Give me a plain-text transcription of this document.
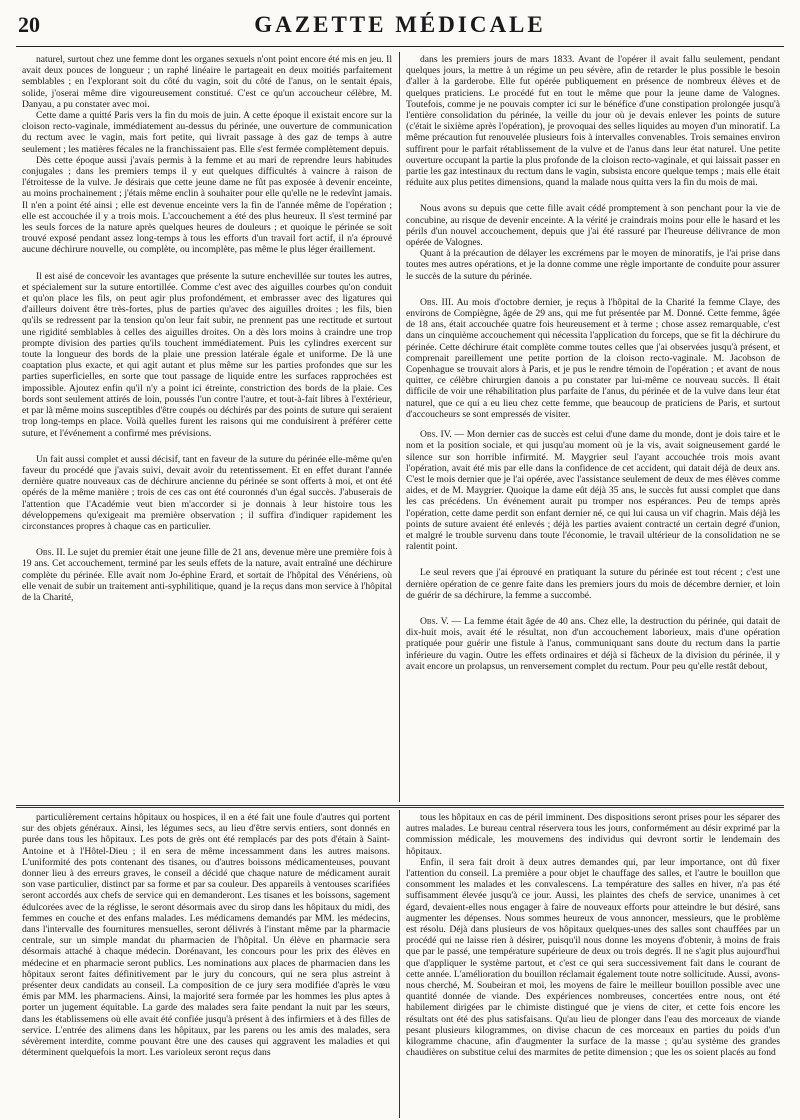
20	GAZETTE MÉDICALE

naturel, surtout chez une femme dont les organes sexuels n'ont point encore été mis en jeu. Il avait deux pouces de longueur ; un raphé linéaire le partageait en deux moitiés parfaitement semblables ; en l'explorant soit du côté du vagin, soit du côté de l'anus, on le sentait épais, solide, j'oserai même dire vigoureusement constitué. C'est ce qu'un accoucheur célèbre, M. Danyau, a pu constater avec moi.

Cette dame a quitté Paris vers la fin du mois de juin. A cette époque il existait encore sur la cloison recto-vaginale, immédiatement au-dessus du périnée, une ouverture de communication du rectum avec le vagin, mais fort petite, qui livrait passage à des gaz de temps à autre seulement ; les matières fécales ne la franchissaient pas. Elle s'est fermée complètement depuis.

Dès cette époque aussi j'avais permis à la femme et au mari de reprendre leurs habitudes conjugales ; dans les premiers temps il y eut quelques difficultés à vaincre à raison de l'étroitesse de la vulve. Je désirais que cette jeune dame ne fût pas exposée à devenir enceinte, au moins prochainement ; j'étais même enclin à souhaiter pour elle qu'elle ne le redevînt jamais. Il n'en a point été ainsi ; elle est devenue enceinte vers la fin de l'année même de l'opération ; elle est accouchée il y a trois mois. L'accouchement a été des plus heureux. Il s'est terminé par les seuls forces de la nature après quelques heures de douleurs ; et quoique le périnée se soit trouvé exposé pendant assez long-temps à tous les efforts d'un travail fort actif, il n'a éprouvé aucune déchirure nouvelle, ou complète, ou incomplète, pas même le plus léger éraillement.

Il est aisé de concevoir les avantages que présente la suture enchevillée sur toutes les autres, et spécialement sur la suture entortillée. Comme c'est avec des aiguilles courbes qu'on conduit et qu'on place les fils, on peut agir plus profondément, et embrasser avec des ligatures qui d'ailleurs doivent être très-fortes, plus de parties qu'avec des aiguilles droites ; les fils, bien qu'ils se redressent par la tension qu'on leur fait subir, ne prennent pas une rectitude et surtout une rigidité semblables à celles des aiguilles droites. On a dès lors moins à craindre une trop prompte division des parties qu'ils touchent immédiatement. Puis les cylindres exercent sur toute la longueur des bords de la plaie une pression latérale égale et uniforme. De là une coaptation plus exacte, et qui agit autant et plus même sur les parties profondes que sur les parties superficielles, en sorte que tout passage de liquide entre les surfaces rapprochées est impossible. Ajoutez enfin qu'il n'y a point ici étreinte, constriction des bords de la plaie. Ces bords sont seulement attirés de loin, poussés l'un contre l'autre, et tout-à-fait libres à l'extérieur, et par là même moins susceptibles d'être coupés ou déchirés par des points de suture qui seraient trop long-temps en place. Voilà quelles furent les raisons qui me conduisirent à préférer cette suture, et l'événement a confirmé mes prévisions.

Un fait aussi complet et aussi décisif, tant en faveur de la suture du périnée elle-même qu'en faveur du procédé que j'avais suivi, devait avoir du retentissement. Et en effet durant l'année dernière quatre nouveaux cas de déchirure ancienne du périnée se sont offerts à moi, et ont été opérés de la même manière ; trois de ces cas ont été couronnés d'un égal succès. J'abuserais de l'attention que l'Académie veut bien m'accorder si je donnais à leur histoire tous les développemens qu'exigeait ma première observation ; il suffira d'indiquer rapidement les circonstances propres à chaque cas en particulier.

Obs. II. Le sujet du premier était une jeune fille de 21 ans, devenue mère une première fois à 19 ans. Cet accouchement, terminé par les seuls effets de la nature, avait entraîné une déchirure complète du périnée. Elle avait nom Jo-éphine Erard, et sortait de l'hôpital des Vénériens, où elle venait de subir un traitement anti-syphilitique, quand je la reçus dans mon service à l'hôpital de la Charité,

dans les premiers jours de mars 1833. Avant de l'opérer il avait fallu seulement, pendant quelques jours, la mettre à un régime un peu sévère, afin de retarder le plus possible le besoin d'aller à la garderobe. Elle fut opérée publiquement en présence de nombreux élèves et de quelques praticiens. Le procédé fut en tout le même que pour la jeune dame de Valognes. Toutefois, comme je ne pouvais compter ici sur le bénéfice d'une constipation prolongée jusqu'à l'entière consolidation du périnée, la veille du jour où je devais enlever les points de suture (c'était le sixième après l'opération), je provoquai des selles liquides au moyen d'un minoratif. La même précaution fut renouvelée plusieurs fois à intervalles convenables. Trois semaines environ suffirent pour le parfait rétablissement de la vulve et de l'anus dans leur état naturel. Une petite ouverture occupant la partie la plus profonde de la cloison recto-vaginale, et qui laissait passer en partie les gaz intestinaux du rectum dans le vagin, subsista encore quelque temps ; mais elle était réduite aux plus petites dimensions, quand la malade nous quitta vers la fin du mois de mai.

Nous avons su depuis que cette fille avait cédé promptement à son penchant pour la vie de concubine, au risque de devenir enceinte. A la vérité je craindrais moins pour elle le hasard et les périls d'un nouvel accouchement, depuis que j'ai été rassuré par l'heureuse délivrance de mon opérée de Valognes.

Quant à la précaution de délayer les excrémens par le moyen de minoratifs, je l'ai prise dans toutes mes autres opérations, et je la donne comme une règle importante de conduite pour assurer le succès de la suture du périnée.

Obs. III. Au mois d'octobre dernier, je reçus à l'hôpital de la Charité la femme Claye, des environs de Compiègne, âgée de 29 ans, qui me fut présentée par M. Donné. Cette femme, âgée de 18 ans, était accouchée quatre fois heureusement et à terme ; chose assez remarquable, c'est dans un cinquième accouchement qui nécessita l'application du forceps, que se fit la déchirure du périnée. Cette déchirure était complète comme toutes celles que j'ai observées jusqu'à présent, et comprenait pareillement une petite portion de la cloison recto-vaginale. M. Jacobson de Copenhague se trouvait alors à Paris, et je pus le rendre témoin de l'opération ; et avant de nous quitter, ce célèbre chirurgien danois a pu constater par lui-même ce nouveau succès. Il était difficile de voir une réhabilitation plus parfaite de l'anus, du périnée et de la vulve dans leur état naturel, que ce qui a eu lieu chez cette femme, que beaucoup de praticiens de Paris, et surtout d'accoucheurs se sont empressés de visiter.

Obs. IV. — Mon dernier cas de succès est celui d'une dame du monde, dont je dois taire et le nom et la position sociale, et qui jusqu'au moment où je la vis, avait soigneusement gardé le silence sur son horrible infirmité. M. Maygrier seul l'ayant accouchée trois mois avant l'opération, avait été mis par elle dans la confidence de cet accident, qui datait déjà de deux ans. C'est le mois dernier que je l'ai opérée, avec l'assistance seulement de deux de mes élèves comme aides, et de M. Maygrier. Quoique la dame eût déjà 35 ans, le succès fut aussi complet que dans les cas précédens. Un événement aurait pu tromper nos espérances. Peu de temps après l'opération, cette dame perdit son enfant dernier né, ce qui lui causa un vif chagrin. Mais déjà les points de suture avaient été enlevés ; déjà les parties avaient contracté un certain degré d'union, et malgré le trouble survenu dans toute l'économie, le travail ultérieur de la consolidation ne se ralentit point.

Le seul revers que j'ai éprouvé en pratiquant la suture du périnée est tout récent ; c'est une dernière opération de ce genre faite dans les premiers jours du mois de décembre dernier, et loin de guérir de sa déchirure, la femme a succombé.

Obs. V. — La femme était âgée de 40 ans. Chez elle, la destruction du périnée, qui datait de dix-huit mois, avait été le résultat, non d'un accouchement laborieux, mais d'une opération pratiquée pour guérir une fistule à l'anus, communiquant sans doute du rectum dans la partie inférieure du vagin. Outre les effets ordinaires et déjà si fâcheux de la division du périnée, il y avait encore un prolapsus, un renversement complet du rectum. Pour peu qu'elle restât debout,

particulièrement certains hôpitaux ou hospices, il en a été fait une foule d'autres qui portent sur des objets généraux. Ainsi, les légumes secs, au lieu d'être servis entiers, sont donnés en purée dans tous les hôpitaux. Les pots de grès ont été remplacés par des pots d'étain à Saint-Antoine et à l'Hôtel-Dieu ; il en sera de même incessamment dans les autres maisons. L'uniformité des pots contenant des tisanes, ou d'autres boissons médicamenteuses, pouvant donner lieu à des erreurs graves, le conseil a décidé que chaque nature de médicament aurait son vase particulier, distinct par sa forme et par sa couleur. Des appareils à ventouses scarifiées seront accordés aux chefs de service qui en demanderont. Les tisanes et les boissons, sagement édulcorées avec de la réglisse, le seront désormais avec du sirop dans les hôpitaux du midi, des femmes en couche et des enfans malades. Les médicamens demandés par MM. les médecins, dans l'intervalle des fournitures mensuelles, seront délivrés à l'instant même par la pharmacie centrale, sur un simple mandat du pharmacien de l'hôpital. Un élève en pharmacie sera désormais attaché à chaque médecin. Dorénavant, les concours pour les prix des élèves en médecine et en pharmacie seront publics. Les nominations aux places de pharmacien dans les hôpitaux seront faites définitivement par le jury du concours, qui ne sera plus astreint à présenter deux candidats au conseil. La composition de ce jury sera modifiée d'après le vœu émis par MM. les pharmaciens. Ainsi, la majorité sera formée par les hommes les plus aptes à porter un jugement équitable. La garde des malades sera faite pendant la nuit par les sœurs, dans les établissemens où elle avait été confiée jusqu'à présent à des infirmiers et à des filles de service. L'entrée des alimens dans les hôpitaux, par les parens ou les amis des malades, sera sévèrement interdite, comme pouvant être une des causes qui aggravent les maladies et qui déterminent quelquefois la mort. Les varioleux seront reçus dans

tous les hôpitaux en cas de péril imminent. Des dispositions seront prises pour les séparer des autres malades. Le bureau central réservera tous les jours, conformément au désir exprimé par la commission médicale, les mouvemens des individus qui devront sortir le lendemain des hôpitaux.

Enfin, il sera fait droit à deux autres demandes qui, par leur importance, ont dû fixer l'attention du conseil. La première a pour objet le chauffage des salles, et l'autre le bouillon que consomment les malades et les convalescens. La température des salles en hiver, n'a pas été suffisamment élevée jusqu'à ce jour. Aussi, les plaintes des chefs de service, unanimes à cet égard, devaient-elles nous engager à faire de nouveaux efforts pour atteindre le but désiré, sans augmenter les dépenses. Nous sommes heureux de vous annoncer, messieurs, que le problème est résolu. Déjà dans plusieurs de vos hôpitaux quelques-unes des salles sont chauffées par un procédé qui ne laisse rien à désirer, puisqu'il nous donne les moyens d'obtenir, à moins de frais que par le passé, une température supérieure de deux ou trois degrés. Il ne s'agit plus aujourd'hui que d'appliquer le système partout, et c'est ce qui sera successivement fait dans le courant de cette année. L'amélioration du bouillon réclamait également toute notre sollicitude. Aussi, avons-nous cherché, M. Soubeiran et moi, les moyens de faire le meilleur bouillon possible avec une quantité donnée de viande. Des expériences nombreuses, concertées entre nous, ont été habilement dirigées par le chimiste distingué que je viens de citer, et cette fois encore les résultats ont été des plus satisfaisans. Qu'au lieu de plonger dans l'eau des morceaux de viande pesant plusieurs kilogrammes, on divise chacun de ces morceaux en parties du poids d'un kilogramme chacune, afin d'augmenter la surface de la masse ; qu'au système des grandes chaudières on substitue celui des marmites de petite dimension ; que les os soient placés au fond
